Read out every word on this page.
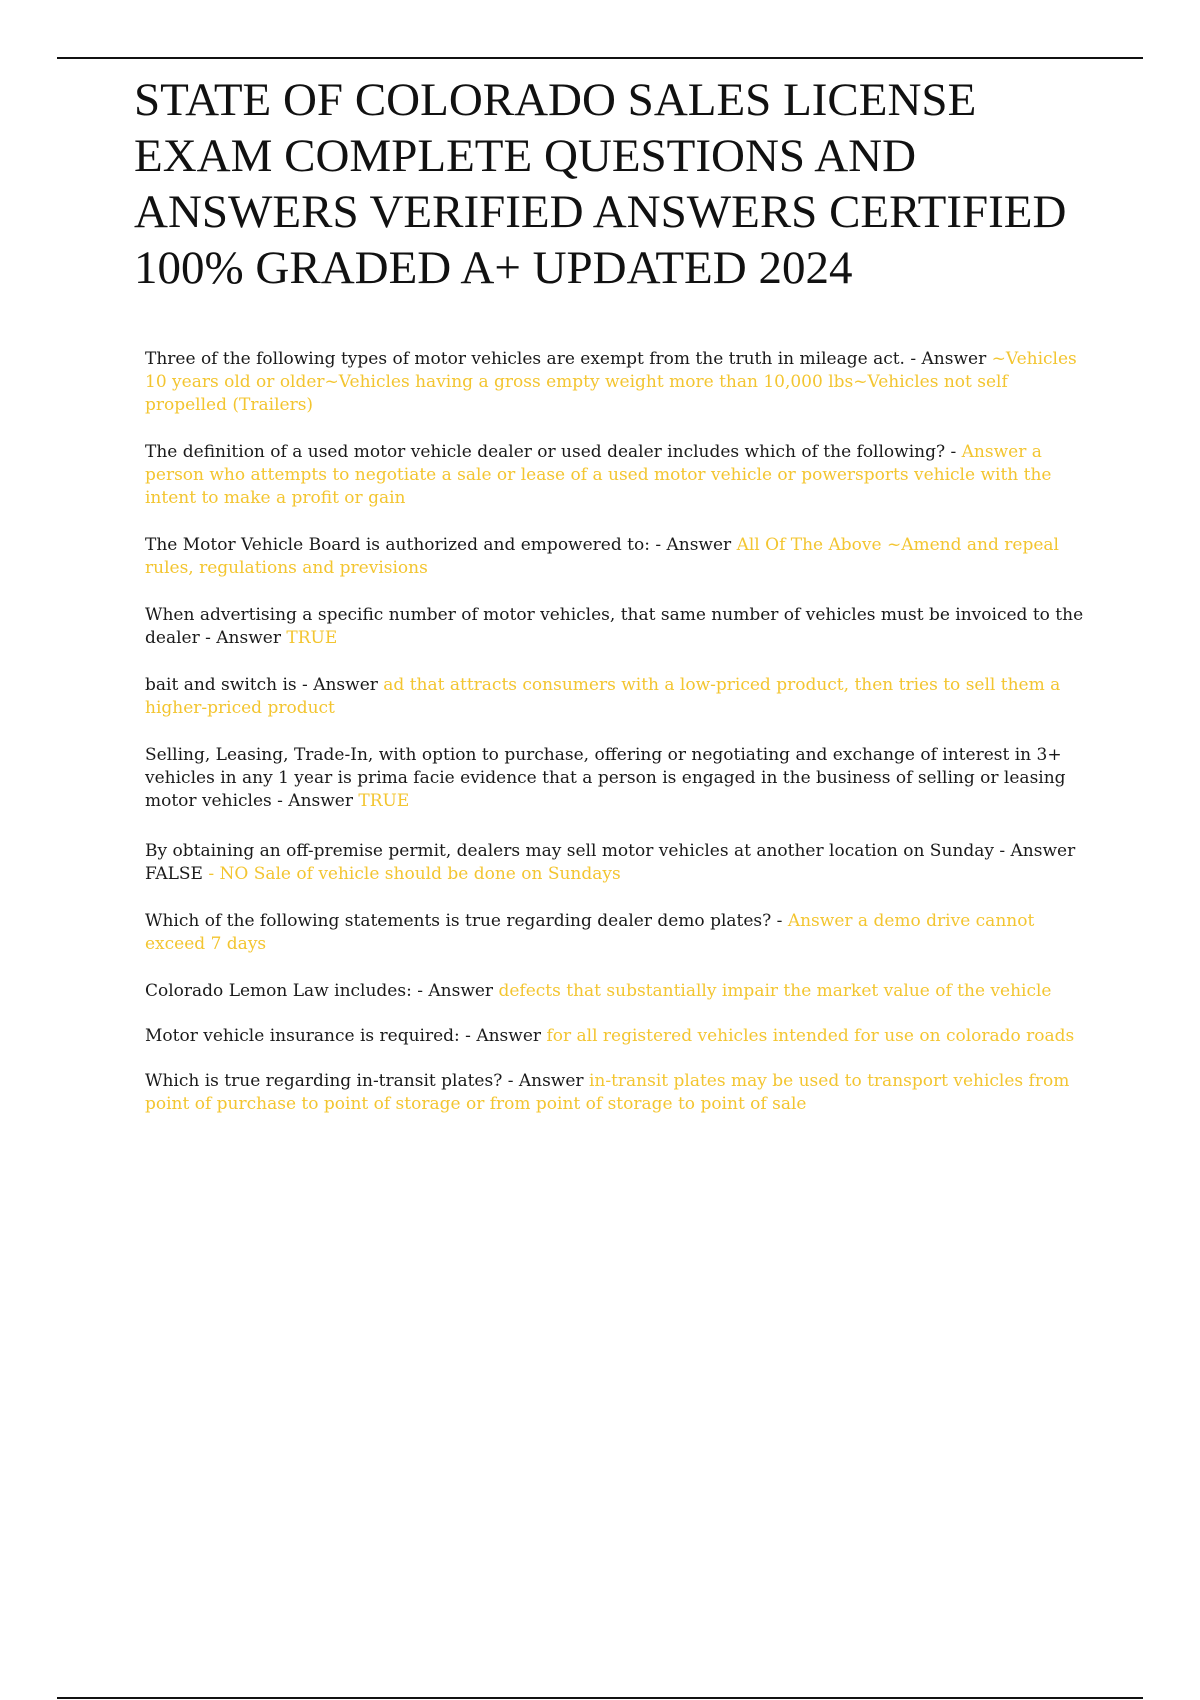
STATE OF COLORADO SALES LICENSE EXAM COMPLETE QUESTIONS AND ANSWERS VERIFIED ANSWERS CERTIFIED 100% GRADED A+ UPDATED 2024
Three of the following types of motor vehicles are exempt from the truth in mileage act. - Answer ~Vehicles 10 years old or older~Vehicles having a gross empty weight more than 10,000 lbs~Vehicles not self propelled (Trailers)
The definition of a used motor vehicle dealer or used dealer includes which of the following? - Answer a person who attempts to negotiate a sale or lease of a used motor vehicle or powersports vehicle with the intent to make a profit or gain
The Motor Vehicle Board is authorized and empowered to: - Answer All Of The Above ~Amend and repeal rules, regulations and previsions
When advertising a specific number of motor vehicles, that same number of vehicles must be invoiced to the dealer - Answer TRUE
bait and switch is - Answer ad that attracts consumers with a low-priced product, then tries to sell them a higher-priced product
Selling, Leasing, Trade-In, with option to purchase, offering or negotiating and exchange of interest in 3+ vehicles in any 1 year is prima facie evidence that a person is engaged in the business of selling or leasing motor vehicles - Answer TRUE
By obtaining an off-premise permit, dealers may sell motor vehicles at another location on Sunday - Answer FALSE - NO Sale of vehicle should be done on Sundays
Which of the following statements is true regarding dealer demo plates? - Answer a demo drive cannot exceed 7 days
Colorado Lemon Law includes: - Answer defects that substantially impair the market value of the vehicle
Motor vehicle insurance is required: - Answer for all registered vehicles intended for use on colorado roads
Which is true regarding in-transit plates? - Answer in-transit plates may be used to transport vehicles from point of purchase to point of storage or from point of storage to point of sale
